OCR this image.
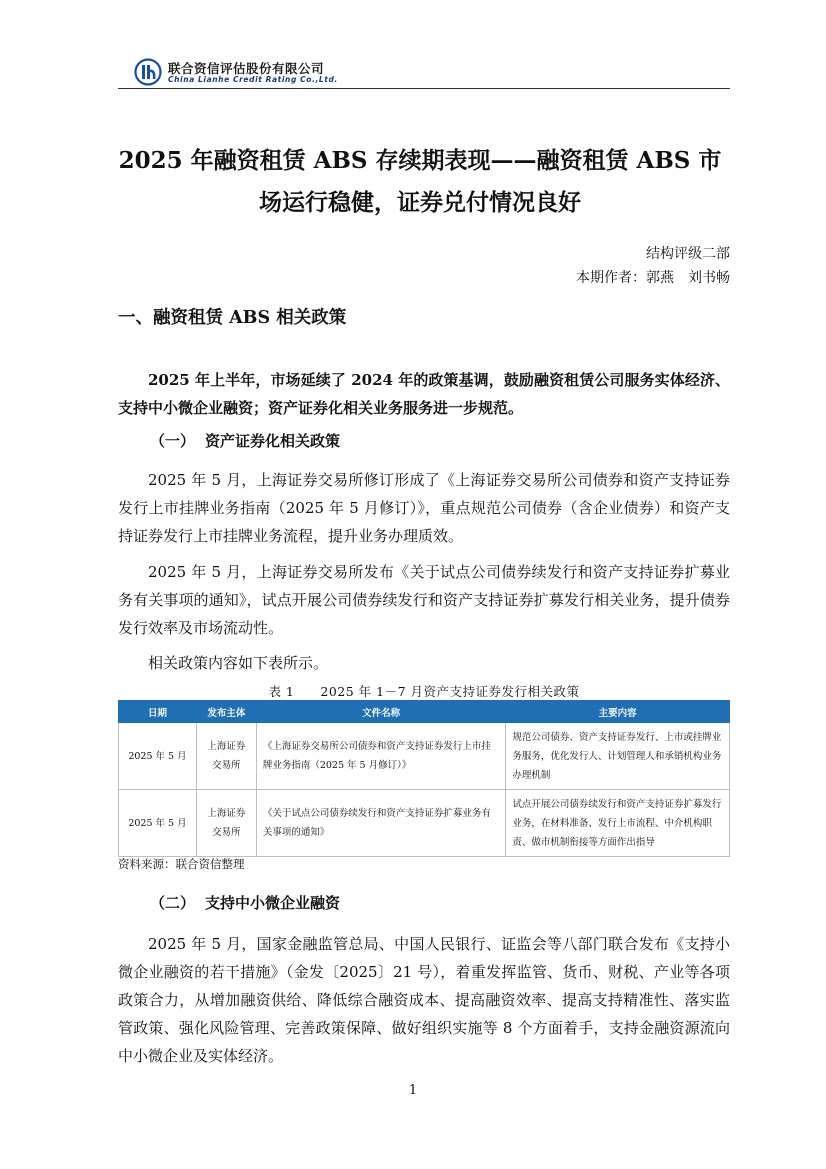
联合资信评估股份有限公司
China Lianhe Credit Rating Co.,Ltd.
2025 年融资租赁 ABS 存续期表现——融资租赁 ABS 市
场运行稳健，证券兑付情况良好
结构评级二部
本期作者：郭燕　刘书畅
一、融资租赁 ABS 相关政策
2025 年上半年，市场延续了 2024 年的政策基调，鼓励融资租赁公司服务实体经济、支持中小微企业融资；资产证券化相关业务服务进一步规范。
（一） 资产证券化相关政策
2025 年 5 月，上海证券交易所修订形成了《上海证券交易所公司债券和资产支持证券发行上市挂牌业务指南（2025 年 5 月修订）》，重点规范公司债券（含企业债券）和资产支持证券发行上市挂牌业务流程，提升业务办理质效。
2025 年 5 月，上海证券交易所发布《关于试点公司债券续发行和资产支持证券扩募业务有关事项的通知》，试点开展公司债券续发行和资产支持证券扩募发行相关业务，提升债券发行效率及市场流动性。
相关政策内容如下表所示。
表 1　　2025 年 1－7 月资产支持证券发行相关政策
日期	发布主体	文件名称	主要内容
2025 年 5 月	上海证券交易所	《上海证券交易所公司债券和资产支持证券发行上市挂牌业务指南（2025 年 5 月修订）》	规范公司债券、资产支持证券发行、上市或挂牌业务服务，优化发行人、计划管理人和承销机构业务办理机制
2025 年 5 月	上海证券交易所	《关于试点公司债券续发行和资产支持证券扩募业务有关事项的通知》	试点开展公司债券续发行和资产支持证券扩募发行业务，在材料准备、发行上市流程、中介机构职责、做市机制衔接等方面作出指导
资料来源：联合资信整理
（二） 支持中小微企业融资
2025 年 5 月，国家金融监管总局、中国人民银行、证监会等八部门联合发布《支持小微企业融资的若干措施》（金发〔2025〕21 号），着重发挥监管、货币、财税、产业等各项政策合力，从增加融资供给、降低综合融资成本、提高融资效率、提高支持精准性、落实监管政策、强化风险管理、完善政策保障、做好组织实施等 8 个方面着手，支持金融资源流向中小微企业及实体经济。
1
